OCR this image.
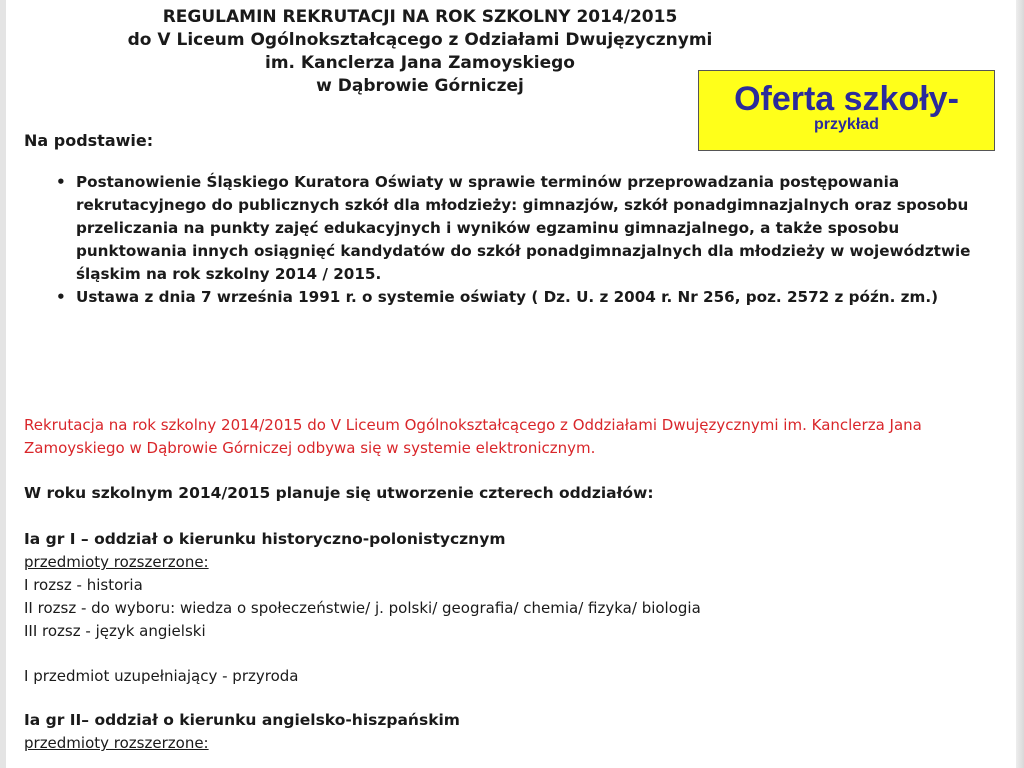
REGULAMIN REKRUTACJI NA ROK SZKOLNY 2014/2015
do V Liceum Ogólnokształcącego z Odziałami Dwujęzycznymi
im. Kanclerza Jana Zamoyskiego
w Dąbrowie Górniczej	Oferta szkoły-
przykład
Na podstawie:
• Postanowienie Śląskiego Kuratora Oświaty w sprawie terminów przeprowadzania postępowania rekrutacyjnego do publicznych szkół dla młodzieży: gimnazjów, szkół ponadgimnazjalnych oraz sposobu przeliczania na punkty zajęć edukacyjnych i wyników egzaminu gimnazjalnego, a także sposobu punktowania innych osiągnięć kandydatów do szkół ponadgimnazjalnych dla młodzieży w województwie śląskim na rok szkolny 2014 / 2015.
• Ustawa z dnia 7 września 1991 r. o systemie oświaty ( Dz. U. z 2004 r. Nr 256, poz. 2572 z późn. zm.)
Rekrutacja na rok szkolny 2014/2015 do V Liceum Ogólnokształcącego z Oddziałami Dwujęzycznymi im. Kanclerza Jana Zamoyskiego w Dąbrowie Górniczej odbywa się w systemie elektronicznym.
W roku szkolnym 2014/2015 planuje się utworzenie czterech oddziałów:
Ia gr I – oddział o kierunku historyczno-polonistycznym
przedmioty rozszerzone:
I rozsz - historia
II rozsz - do wyboru: wiedza o społeczeństwie/ j. polski/ geografia/ chemia/ fizyka/ biologia
III rozsz - język angielski
I przedmiot uzupełniający - przyroda
Ia gr II– oddział o kierunku angielsko-hiszpańskim
przedmioty rozszerzone:
